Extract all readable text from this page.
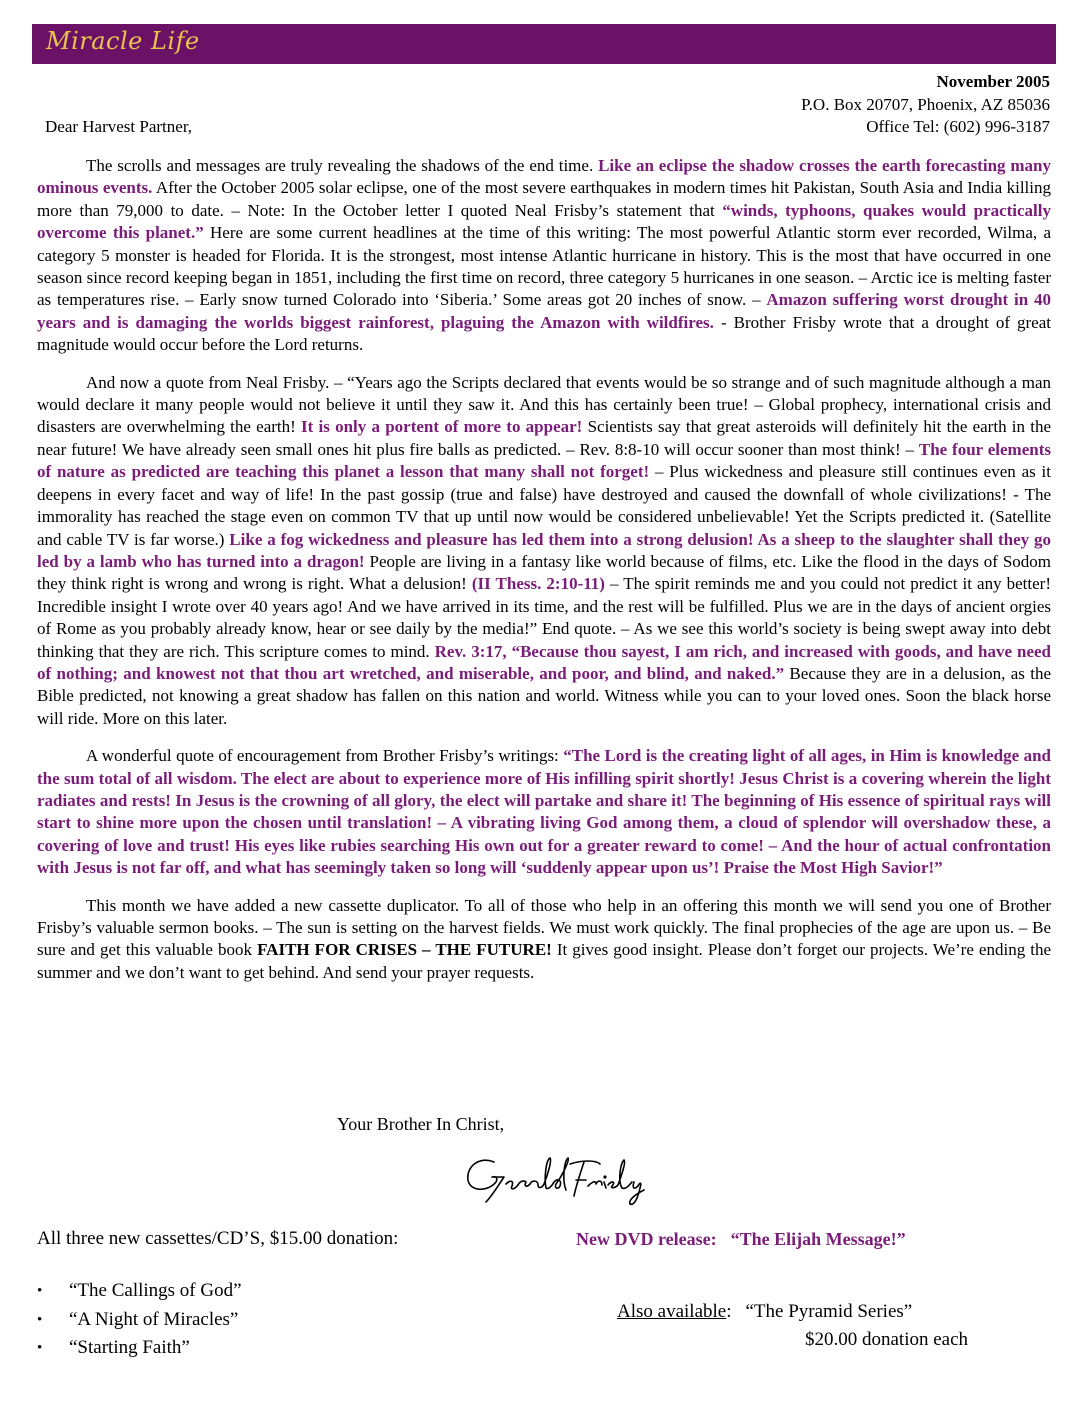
Miracle Life
November 2005
P.O. Box 20707, Phoenix, AZ 85036
Office Tel: (602) 996-3187
Dear Harvest Partner,

The scrolls and messages are truly revealing the shadows of the end time. Like an eclipse the shadow crosses the earth forecasting many ominous events. After the October 2005 solar eclipse, one of the most severe earthquakes in modern times hit Pakistan, South Asia and India killing more than 79,000 to date. – Note: In the October letter I quoted Neal Frisby’s statement that “winds, typhoons, quakes would practically overcome this planet.” Here are some current headlines at the time of this writing: The most powerful Atlantic storm ever recorded, Wilma, a category 5 monster is headed for Florida. It is the strongest, most intense Atlantic hurricane in history. This is the most that have occurred in one season since record keeping began in 1851, including the first time on record, three category 5 hurricanes in one season. – Arctic ice is melting faster as temperatures rise. – Early snow turned Colorado into ‘Siberia.’ Some areas got 20 inches of snow. – Amazon suffering worst drought in 40 years and is damaging the worlds biggest rainforest, plaguing the Amazon with wildfires. - Brother Frisby wrote that a drought of great magnitude would occur before the Lord returns.

And now a quote from Neal Frisby. – “Years ago the Scripts declared that events would be so strange and of such magnitude although a man would declare it many people would not believe it until they saw it. And this has certainly been true! – Global prophecy, international crisis and disasters are overwhelming the earth! It is only a portent of more to appear! Scientists say that great asteroids will definitely hit the earth in the near future! We have already seen small ones hit plus fire balls as predicted. – Rev. 8:8-10 will occur sooner than most think! – The four elements of nature as predicted are teaching this planet a lesson that many shall not forget! – Plus wickedness and pleasure still continues even as it deepens in every facet and way of life! In the past gossip (true and false) have destroyed and caused the downfall of whole civilizations! - The immorality has reached the stage even on common TV that up until now would be considered unbelievable! Yet the Scripts predicted it. (Satellite and cable TV is far worse.) Like a fog wickedness and pleasure has led them into a strong delusion! As a sheep to the slaughter shall they go led by a lamb who has turned into a dragon! People are living in a fantasy like world because of films, etc. Like the flood in the days of Sodom they think right is wrong and wrong is right. What a delusion! (II Thess. 2:10-11) – The spirit reminds me and you could not predict it any better! Incredible insight I wrote over 40 years ago! And we have arrived in its time, and the rest will be fulfilled. Plus we are in the days of ancient orgies of Rome as you probably already know, hear or see daily by the media!” End quote. – As we see this world’s society is being swept away into debt thinking that they are rich. This scripture comes to mind. Rev. 3:17, “Because thou sayest, I am rich, and increased with goods, and have need of nothing; and knowest not that thou art wretched, and miserable, and poor, and blind, and naked.” Because they are in a delusion, as the Bible predicted, not knowing a great shadow has fallen on this nation and world. Witness while you can to your loved ones. Soon the black horse will ride. More on this later.

A wonderful quote of encouragement from Brother Frisby’s writings: “The Lord is the creating light of all ages, in Him is knowledge and the sum total of all wisdom. The elect are about to experience more of His infilling spirit shortly! Jesus Christ is a covering wherein the light radiates and rests! In Jesus is the crowning of all glory, the elect will partake and share it! The beginning of His essence of spiritual rays will start to shine more upon the chosen until translation! – A vibrating living God among them, a cloud of splendor will overshadow these, a covering of love and trust! His eyes like rubies searching His own out for a greater reward to come! – And the hour of actual confrontation with Jesus is not far off, and what has seemingly taken so long will ‘suddenly appear upon us’! Praise the Most High Savior!”

This month we have added a new cassette duplicator. To all of those who help in an offering this month we will send you one of Brother Frisby’s valuable sermon books. – The sun is setting on the harvest fields. We must work quickly. The final prophecies of the age are upon us. – Be sure and get this valuable book FAITH FOR CRISES – THE FUTURE! It gives good insight. Please don’t forget our projects. We’re ending the summer and we don’t want to get behind. And send your prayer requests.

Your Brother In Christ,
All three new cassettes/CD’S, $15.00 donation:	New DVD release: “The Elijah Message!”
• “The Callings of God”
• “A Night of Miracles”
• “Starting Faith”
Also available: “The Pyramid Series”
$20.00 donation each
